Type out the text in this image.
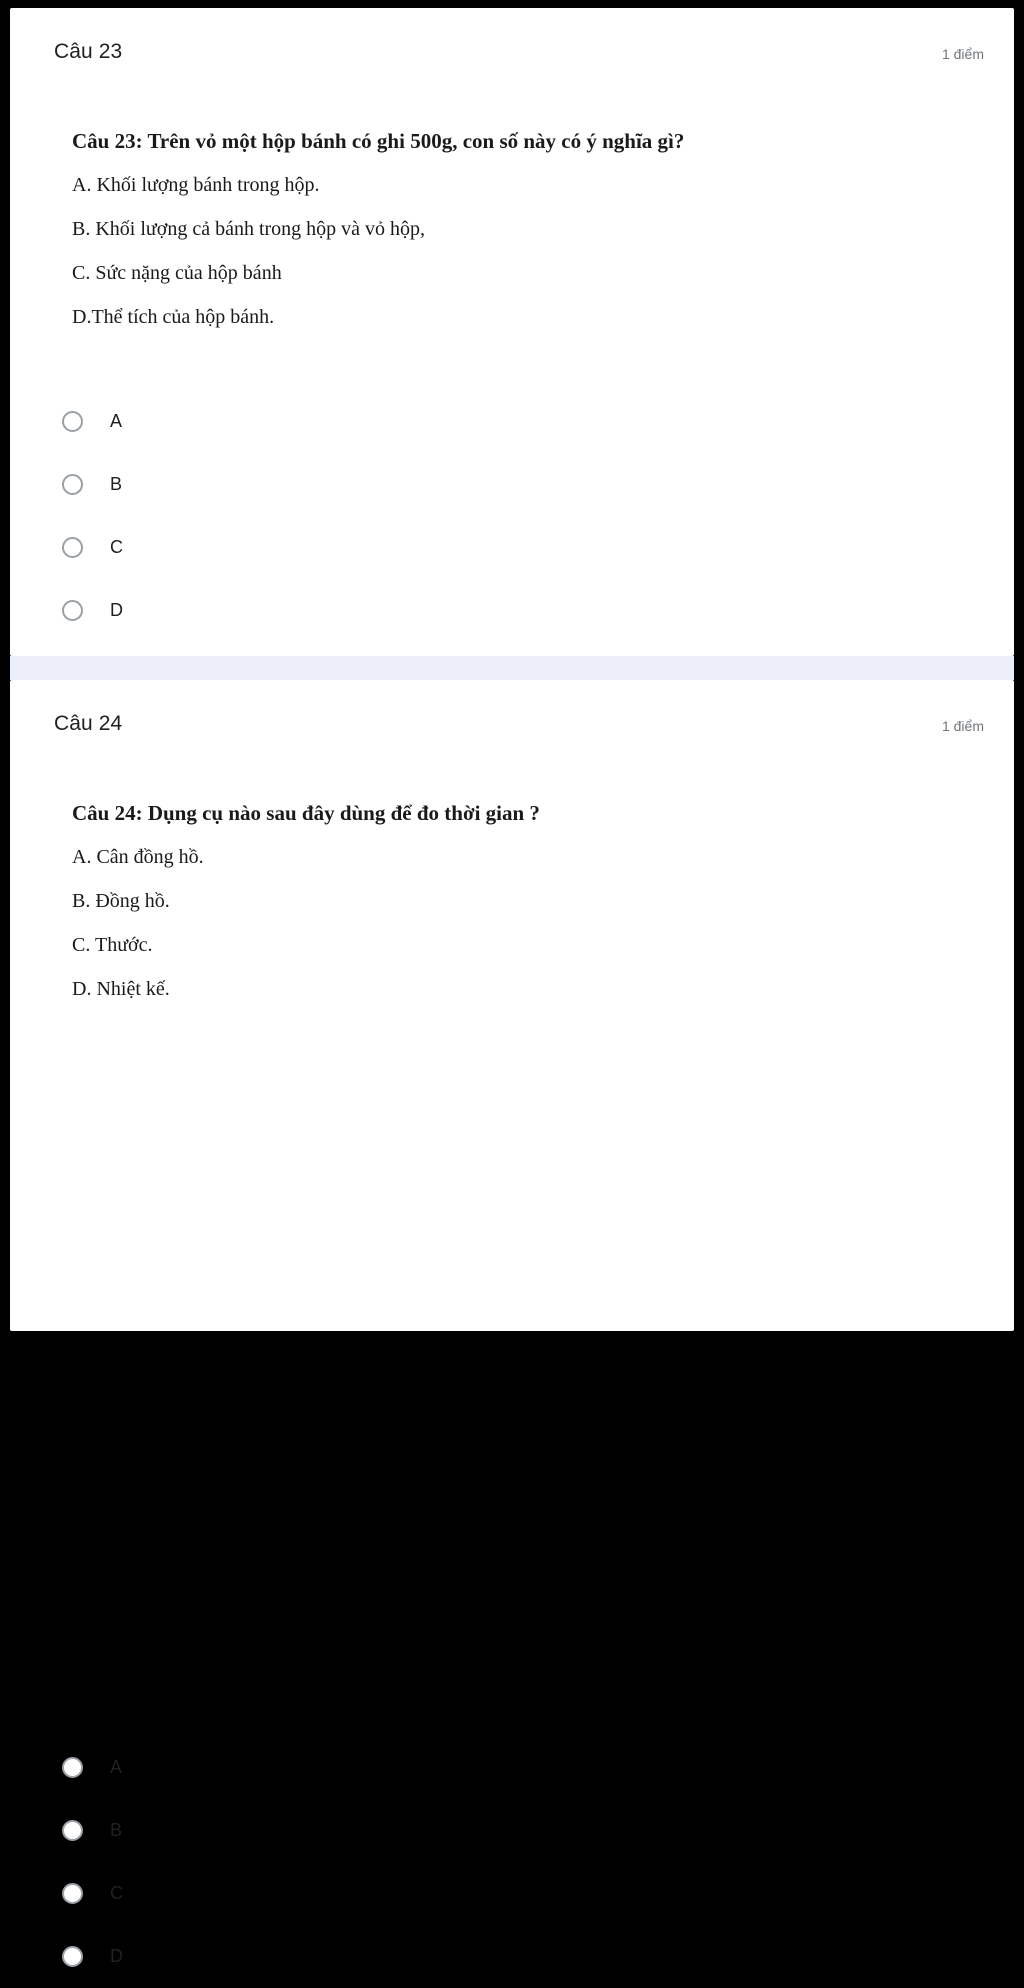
Câu 23	1 điểm
Câu 23: Trên vỏ một hộp bánh có ghi 500g, con số này có ý nghĩa gì?
A. Khối lượng bánh trong hộp.
B. Khối lượng cả bánh trong hộp và vỏ hộp,
C. Sức nặng của hộp bánh
D.Thể tích của hộp bánh.
A
B
C
D
Câu 24	1 điểm
Câu 24: Dụng cụ nào sau đây dùng để đo thời gian ?
A. Cân đồng hồ.
B. Đồng hồ.
C. Thước.
D. Nhiệt kế.
A
B
C
D
